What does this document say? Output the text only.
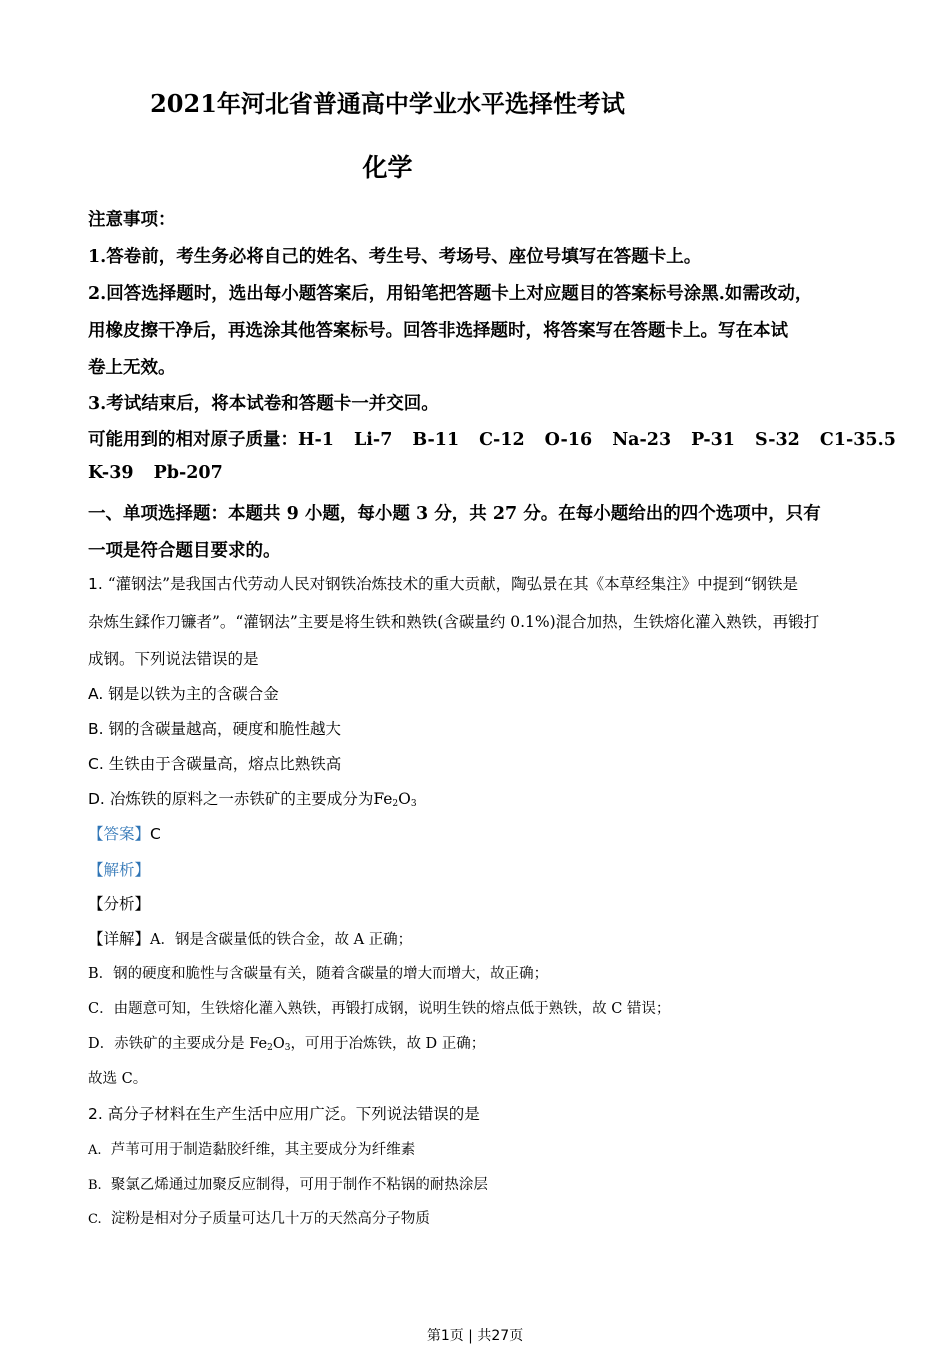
2021年河北省普通高中学业水平选择性考试
化学
注意事项：
1.答卷前，考生务必将自己的姓名、考生号、考场号、座位号填写在答题卡上。
2.回答选择题时，选出每小题答案后，用铅笔把答题卡上对应题目的答案标号涂黑.如需改动，
用橡皮擦干净后，再选涂其他答案标号。回答非选择题时，将答案写在答题卡上。写在本试
卷上无效。
3.考试结束后，将本试卷和答题卡一并交回。
可能用到的相对原子质量：H-1 Li-7 B-11 C-12 O-16 Na-23 P-31 S-32 C1-35.5
K-39 Pb-207
一、单项选择题：本题共 9 小题，每小题 3 分，共 27 分。在每小题给出的四个选项中，只有
一项是符合题目要求的。
1. “灌钢法”是我国古代劳动人民对钢铁冶炼技术的重大贡献，陶弘景在其《本草经集注》中提到“钢铁是
杂炼生鍒作刀镰者”。“灌钢法”主要是将生铁和熟铁(含碳量约 0.1%)混合加热，生铁熔化灌入熟铁，再锻打
成钢。下列说法错误的是
A. 钢是以铁为主的含碳合金
B. 钢的含碳量越高，硬度和脆性越大
C. 生铁由于含碳量高，熔点比熟铁高
D. 冶炼铁的原料之一赤铁矿的主要成分为$Fe_2O_3$
【答案】C
【解析】
【分析】
【详解】A．钢是含碳量低的铁合金，故 A 正确；
B．钢的硬度和脆性与含碳量有关，随着含碳量的增大而增大，故正确；
C．由题意可知，生铁熔化灌入熟铁，再锻打成钢，说明生铁的熔点低于熟铁，故 C 错误；
D．赤铁矿的主要成分是 $Fe_2O_3$，可用于冶炼铁，故 D 正确；
故选 C。
2. 高分子材料在生产生活中应用广泛。下列说法错误的是
A. 芦苇可用于制造黏胶纤维，其主要成分为纤维素
B. 聚氯乙烯通过加聚反应制得，可用于制作不粘锅的耐热涂层
C. 淀粉是相对分子质量可达几十万的天然高分子物质
第1页 | 共27页
